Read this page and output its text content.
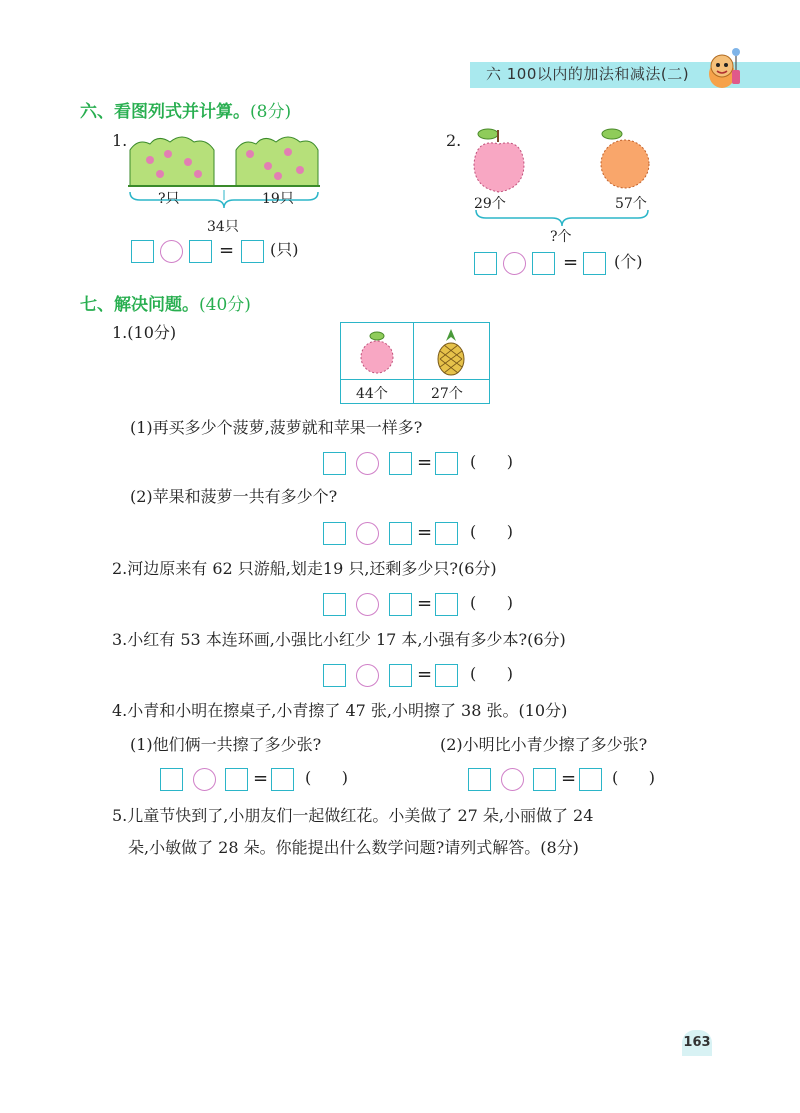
六 100以内的加法和减法(二)
六、看图列式并计算。(8分)
1.
?只	19只
34只
= (只)
2.
29个	57个
?个
= (个)
七、解决问题。(40分)
1.(10分)
44个	27个
(1)再买多少个菠萝,菠萝就和苹果一样多?
= (      )
(2)苹果和菠萝一共有多少个?
= (      )
2.河边原来有 62 只游船,划走19 只,还剩多少只?(6分)
= (      )
3.小红有 53 本连环画,小强比小红少 17 本,小强有多少本?(6分)
= (      )
4.小青和小明在擦桌子,小青擦了 47 张,小明擦了 38 张。(10分)
(1)他们俩一共擦了多少张?	(2)小明比小青少擦了多少张?
= (      )	= (      )
5.儿童节快到了,小朋友们一起做红花。小美做了 27 朵,小丽做了 24
朵,小敏做了 28 朵。你能提出什么数学问题?请列式解答。(8分)
163
